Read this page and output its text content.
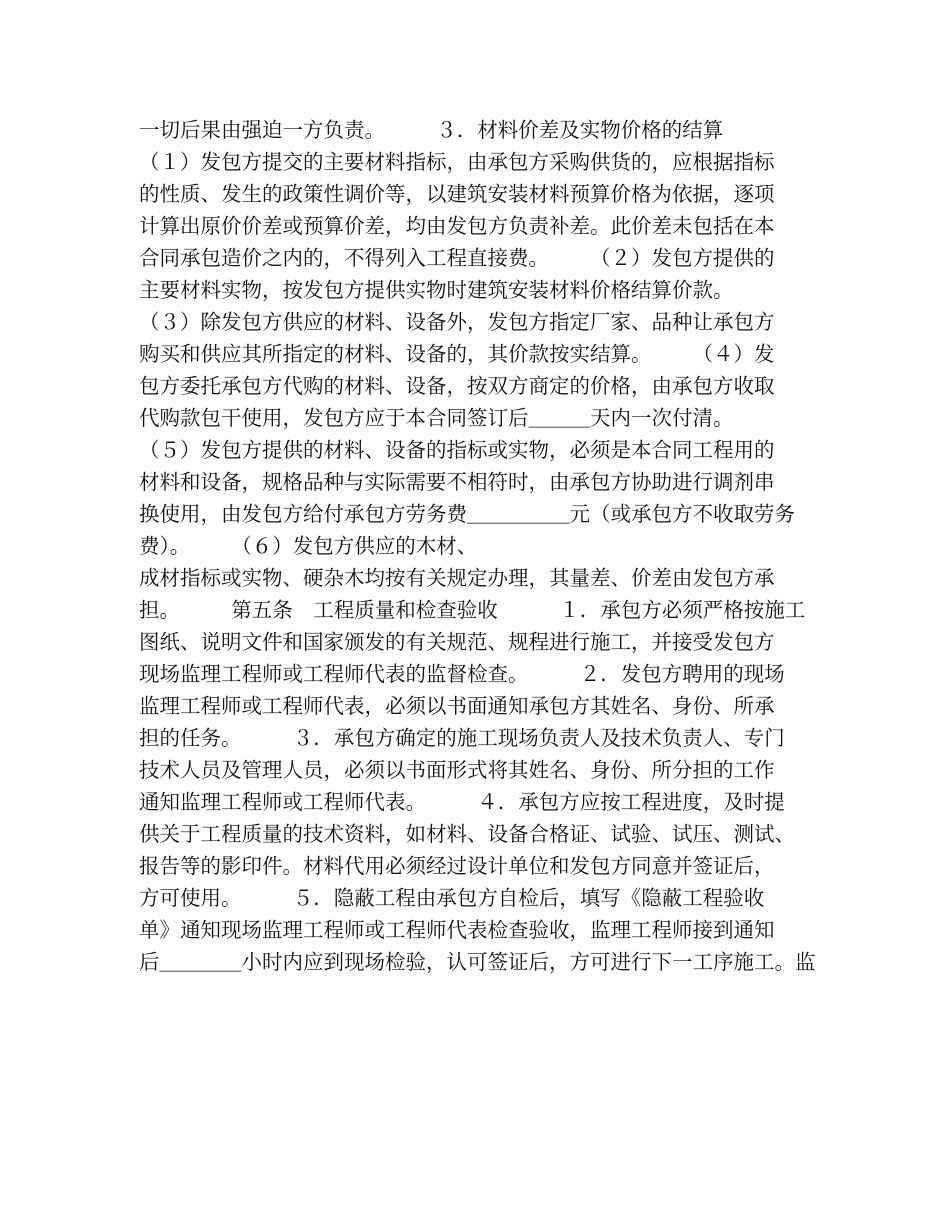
一切后果由强迫一方负责。　　　３．材料价差及实物价格的结算
（１）发包方提交的主要材料指标，由承包方采购供货的，应根据指标
的性质、发生的政策性调价等，以建筑安装材料预算价格为依据，逐项
计算出原价价差或预算价差，均由发包方负责补差。此价差未包括在本
合同承包造价之内的，不得列入工程直接费。　　　（２）发包方提供的
主要材料实物，按发包方提供实物时建筑安装材料价格结算价款。
（３）除发包方供应的材料、设备外，发包方指定厂家、品种让承包方
购买和供应其所指定的材料、设备的，其价款按实结算。　　　（４）发
包方委托承包方代购的材料、设备，按双方商定的价格，由承包方收取
代购款包干使用，发包方应于本合同签订后＿＿＿天内一次付清。
（５）发包方提供的材料、设备的指标或实物，必须是本合同工程用的
材料和设备，规格品种与实际需要不相符时，由承包方协助进行调剂串
换使用，由发包方给付承包方劳务费＿＿＿＿＿元（或承包方不收取劳务
费）。　　　（６）发包方供应的木材、
成材指标或实物、硬杂木均按有关规定办理，其量差、价差由发包方承
担。　　　第五条　工程质量和检查验收　　　１．承包方必须严格按施工
图纸、说明文件和国家颁发的有关规范、规程进行施工，并接受发包方
现场监理工程师或工程师代表的监督检查。　　　２．发包方聘用的现场
监理工程师或工程师代表，必须以书面通知承包方其姓名、身份、所承
担的任务。　　　３．承包方确定的施工现场负责人及技术负责人、专门
技术人员及管理人员，必须以书面形式将其姓名、身份、所分担的工作
通知监理工程师或工程师代表。　　　４．承包方应按工程进度，及时提
供关于工程质量的技术资料，如材料、设备合格证、试验、试压、测试、
报告等的影印件。材料代用必须经过设计单位和发包方同意并签证后，
方可使用。　　　５．隐蔽工程由承包方自检后，填写《隐蔽工程验收
单》通知现场监理工程师或工程师代表检查验收，监理工程师接到通知
后＿＿＿＿小时内应到现场检验，认可签证后，方可进行下一工序施工。监
